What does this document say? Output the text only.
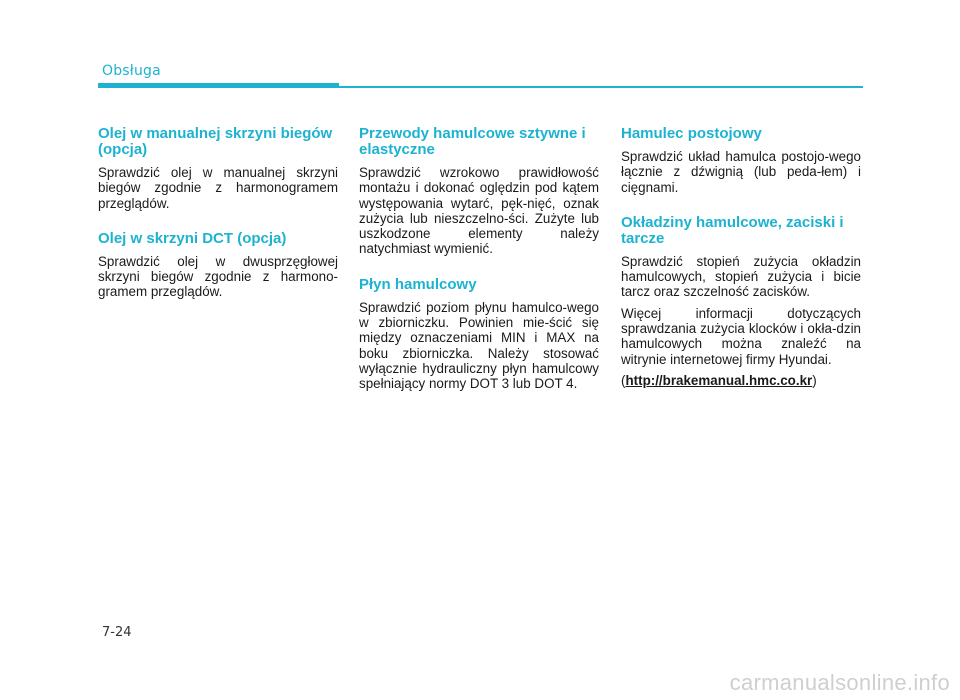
Obsługa
Olej w manualnej skrzyni biegów (opcja)

Sprawdzić olej w manualnej skrzyni biegów zgodnie z harmonogramem przeglądów.

Olej w skrzyni DCT (opcja)

Sprawdzić olej w dwusprzęgłowej skrzyni biegów zgodnie z harmono-gramem przeglądów.

Przewody hamulcowe sztywne i elastyczne

Sprawdzić wzrokowo prawidłowość montażu i dokonać oględzin pod kątem występowania wytarć, pęk-nięć, oznak zużycia lub nieszczelno-ści. Zużyte lub uszkodzone elementy należy natychmiast wymienić.

Płyn hamulcowy

Sprawdzić poziom płynu hamulco-wego w zbiorniczku. Powinien mie-ścić się między oznaczeniami MIN i MAX na boku zbiorniczka. Należy stosować wyłącznie hydrauliczny płyn hamulcowy spełniający normy DOT 3 lub DOT 4.

Hamulec postojowy

Sprawdzić układ hamulca postojo-wego łącznie z dźwignią (lub peda-łem) i cięgnami.

Okładziny hamulcowe, zaciski i tarcze

Sprawdzić stopień zużycia okładzin hamulcowych, stopień zużycia i bicie tarcz oraz szczelność zacisków.

Więcej informacji dotyczących sprawdzania zużycia klocków i okła-dzin hamulcowych można znaleźć na witrynie internetowej firmy Hyundai.

(http://brakemanual.hmc.co.kr)

7-24
carmanualsonline.info
